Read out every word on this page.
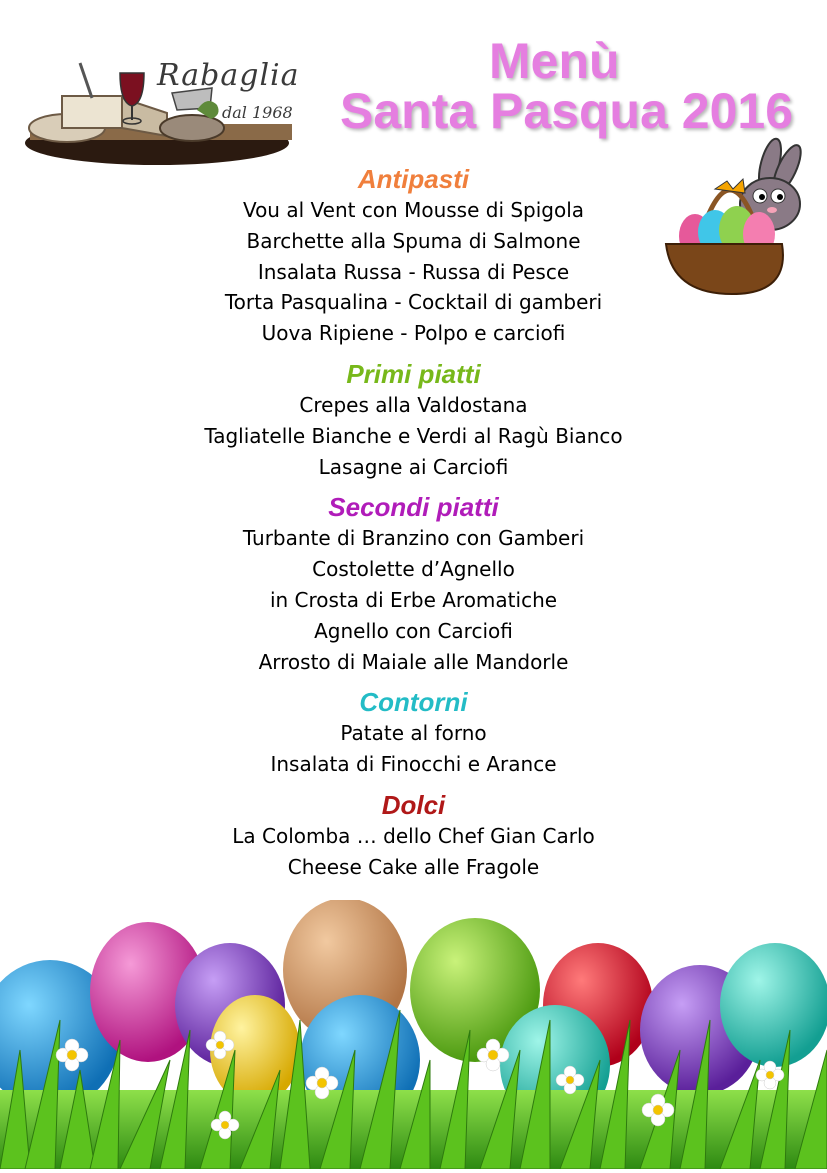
Rabaglia
dal 1968
Menù
Santa Pasqua 2016

Antipasti

Vou al Vent con Mousse di Spigola

Barchette alla Spuma di Salmone

Insalata Russa - Russa di Pesce

Torta Pasqualina - Cocktail di gamberi

Uova Ripiene - Polpo e carciofi

Primi piatti

Crepes alla Valdostana

Tagliatelle Bianche e Verdi al Ragù Bianco

Lasagne ai Carciofi

Secondi piatti

Turbante di Branzino con Gamberi

Costolette d’Agnello

in Crosta di Erbe Aromatiche

Agnello con Carciofi

Arrosto di Maiale alle Mandorle

Contorni

Patate al forno

Insalata di Finocchi e Arance

Dolci

La Colomba … dello Chef Gian Carlo

Cheese Cake alle Fragole
